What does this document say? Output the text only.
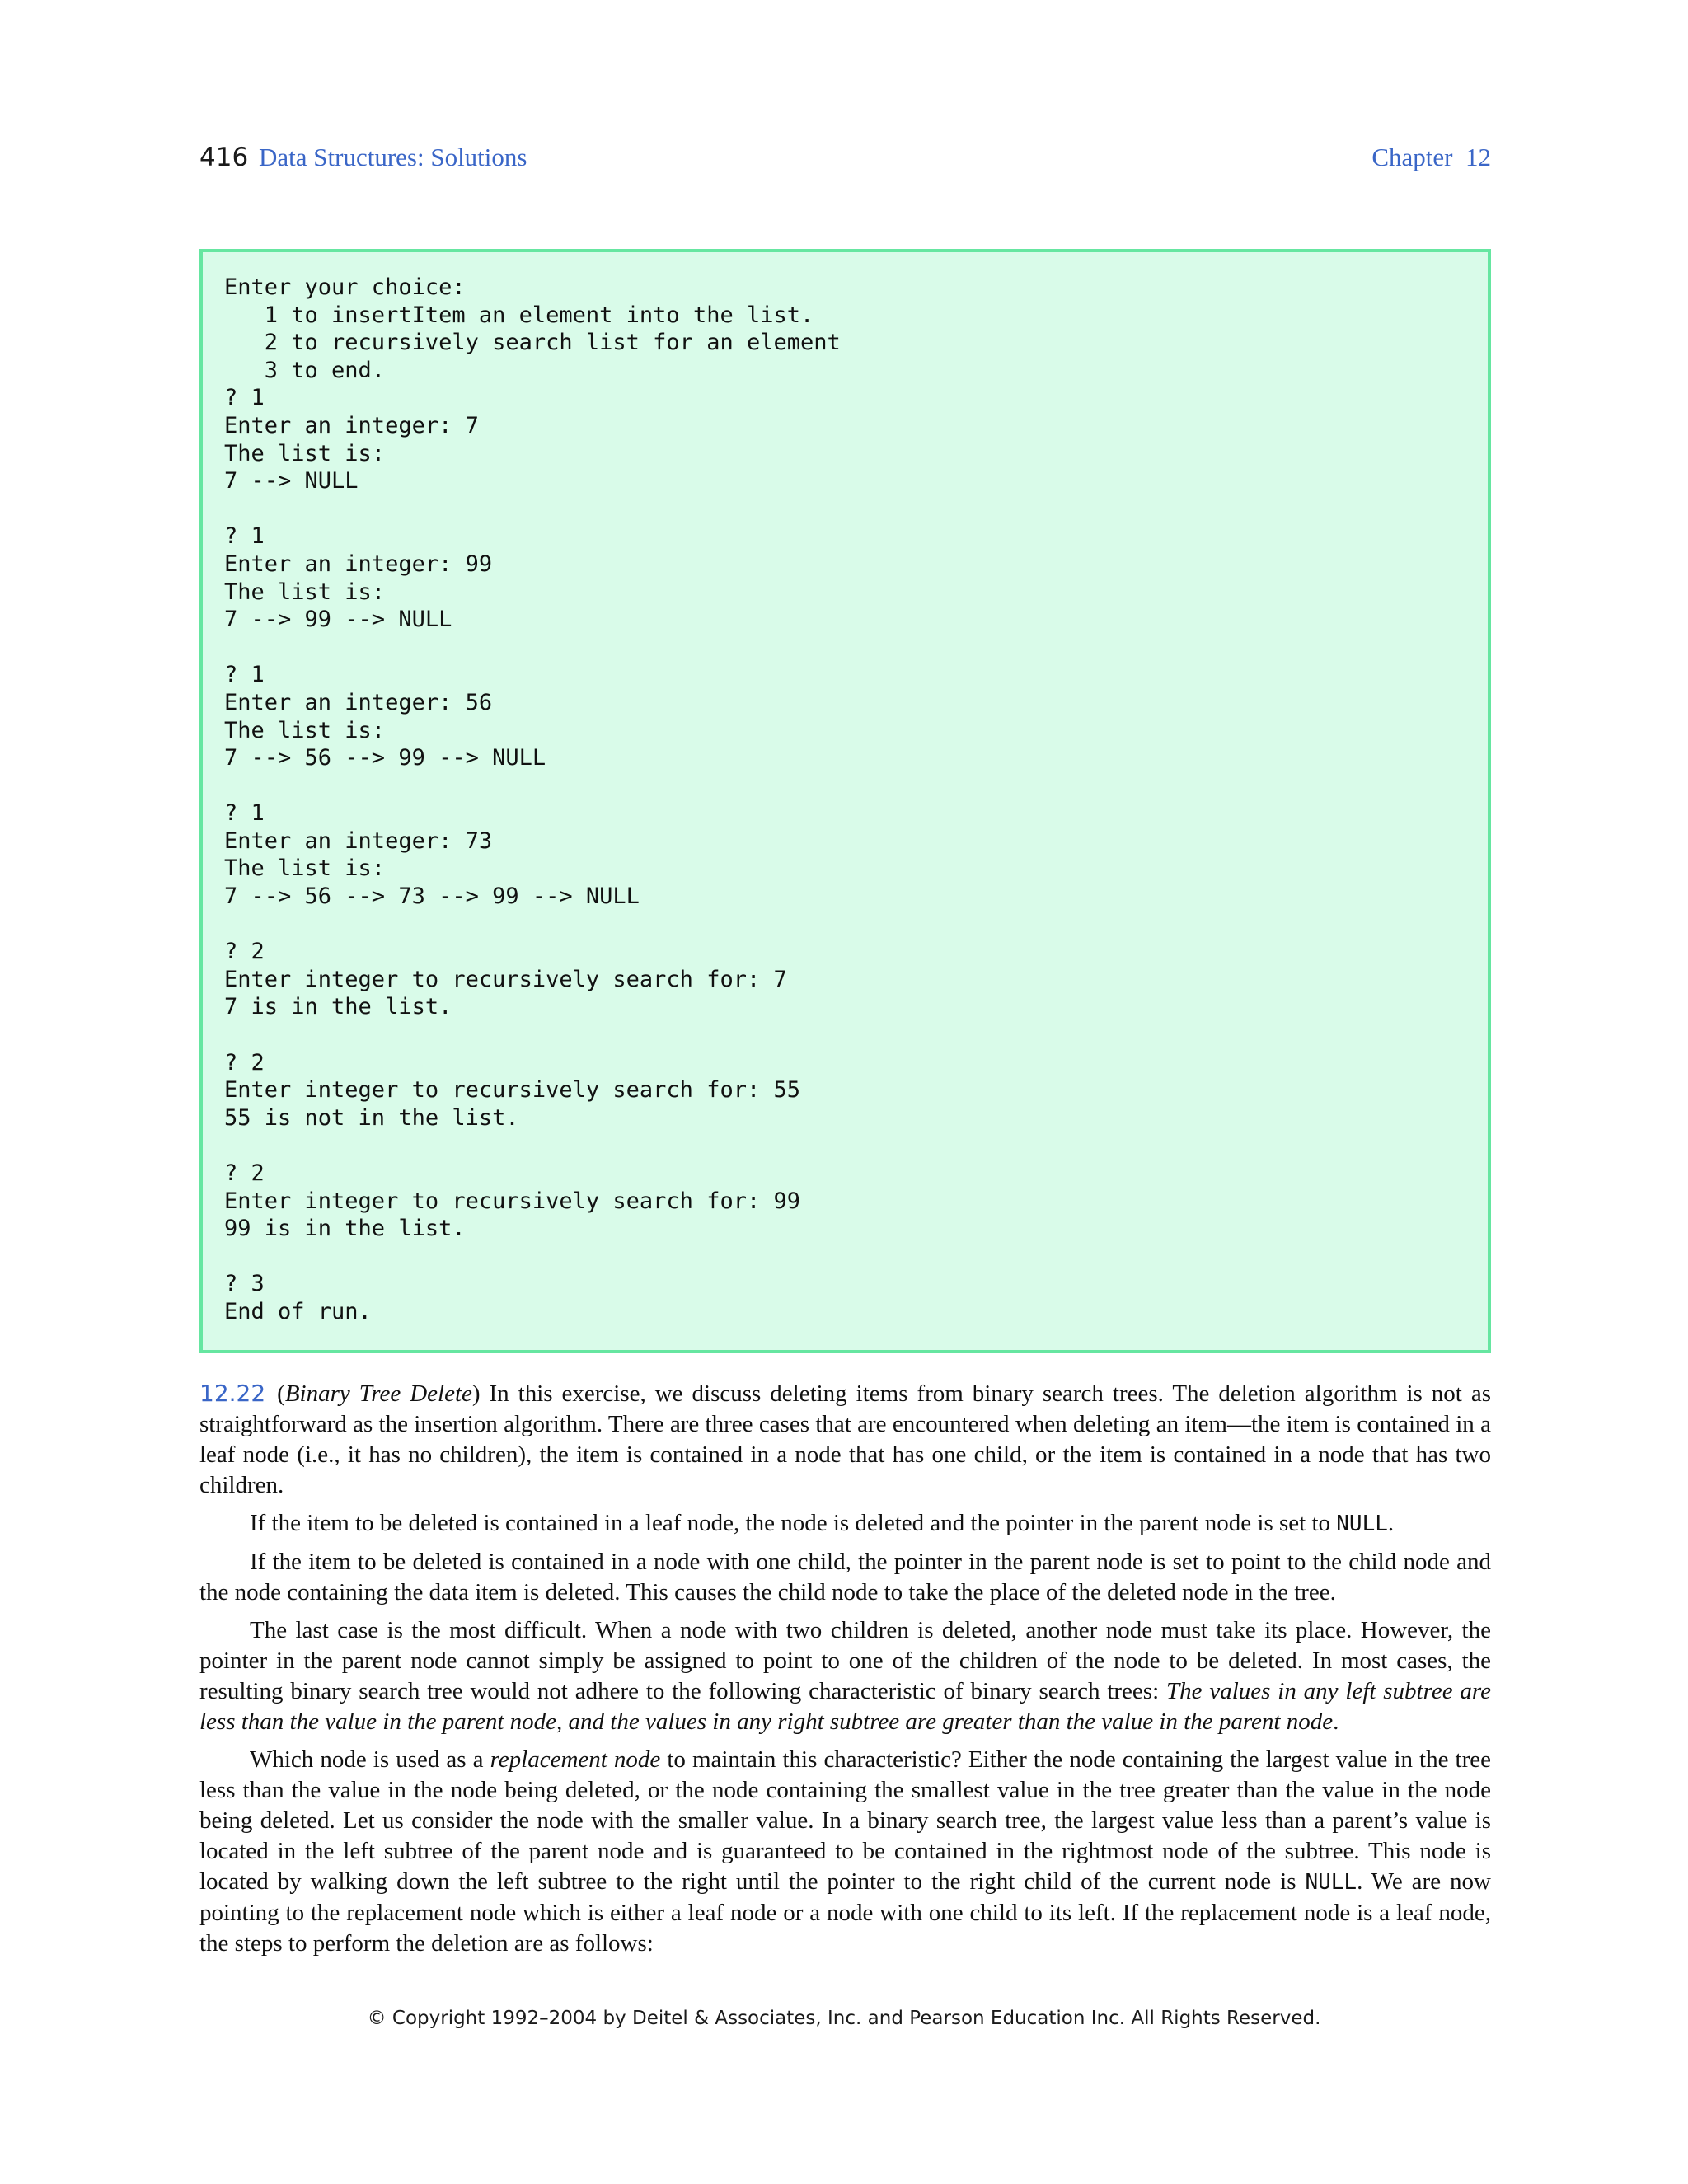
416 Data Structures: Solutions	Chapter  12
Enter your choice:
1 to insertItem an element into the list.
2 to recursively search list for an element
3 to end.
? 1
Enter an integer: 7
The list is:
7 --> NULL

? 1
Enter an integer: 99
The list is:
7 --> 99 --> NULL

? 1
Enter an integer: 56
The list is:
7 --> 56 --> 99 --> NULL

? 1
Enter an integer: 73
The list is:
7 --> 56 --> 73 --> 99 --> NULL

? 2
Enter integer to recursively search for: 7
7 is in the list.

? 2
Enter integer to recursively search for: 55
55 is not in the list.

? 2
Enter integer to recursively search for: 99
99 is in the list.

? 3
End of run.

12.22 (Binary Tree Delete) In this exercise, we discuss deleting items from binary search trees. The deletion algorithm is not as straightforward as the insertion algorithm. There are three cases that are encountered when deleting an item—the item is contained in a leaf node (i.e., it has no children), the item is contained in a node that has one child, or the item is contained in a node that has two children.

If the item to be deleted is contained in a leaf node, the node is deleted and the pointer in the parent node is set to NULL.

If the item to be deleted is contained in a node with one child, the pointer in the parent node is set to point to the child node and the node containing the data item is deleted. This causes the child node to take the place of the deleted node in the tree.

The last case is the most difficult. When a node with two children is deleted, another node must take its place. However, the pointer in the parent node cannot simply be assigned to point to one of the children of the node to be deleted. In most cases, the resulting binary search tree would not adhere to the following characteristic of binary search trees: The values in any left subtree are less than the value in the parent node, and the values in any right subtree are greater than the value in the parent node.

Which node is used as a replacement node to maintain this characteristic? Either the node containing the largest value in the tree less than the value in the node being deleted, or the node containing the smallest value in the tree greater than the value in the node being deleted. Let us consider the node with the smaller value. In a binary search tree, the largest value less than a parent’s value is located in the left subtree of the parent node and is guaranteed to be contained in the rightmost node of the subtree. This node is located by walking down the left subtree to the right until the pointer to the right child of the current node is NULL. We are now pointing to the replacement node which is either a leaf node or a node with one child to its left. If the replacement node is a leaf node, the steps to perform the deletion are as follows:

© Copyright 1992–2004 by Deitel & Associates, Inc. and Pearson Education Inc. All Rights Reserved.
